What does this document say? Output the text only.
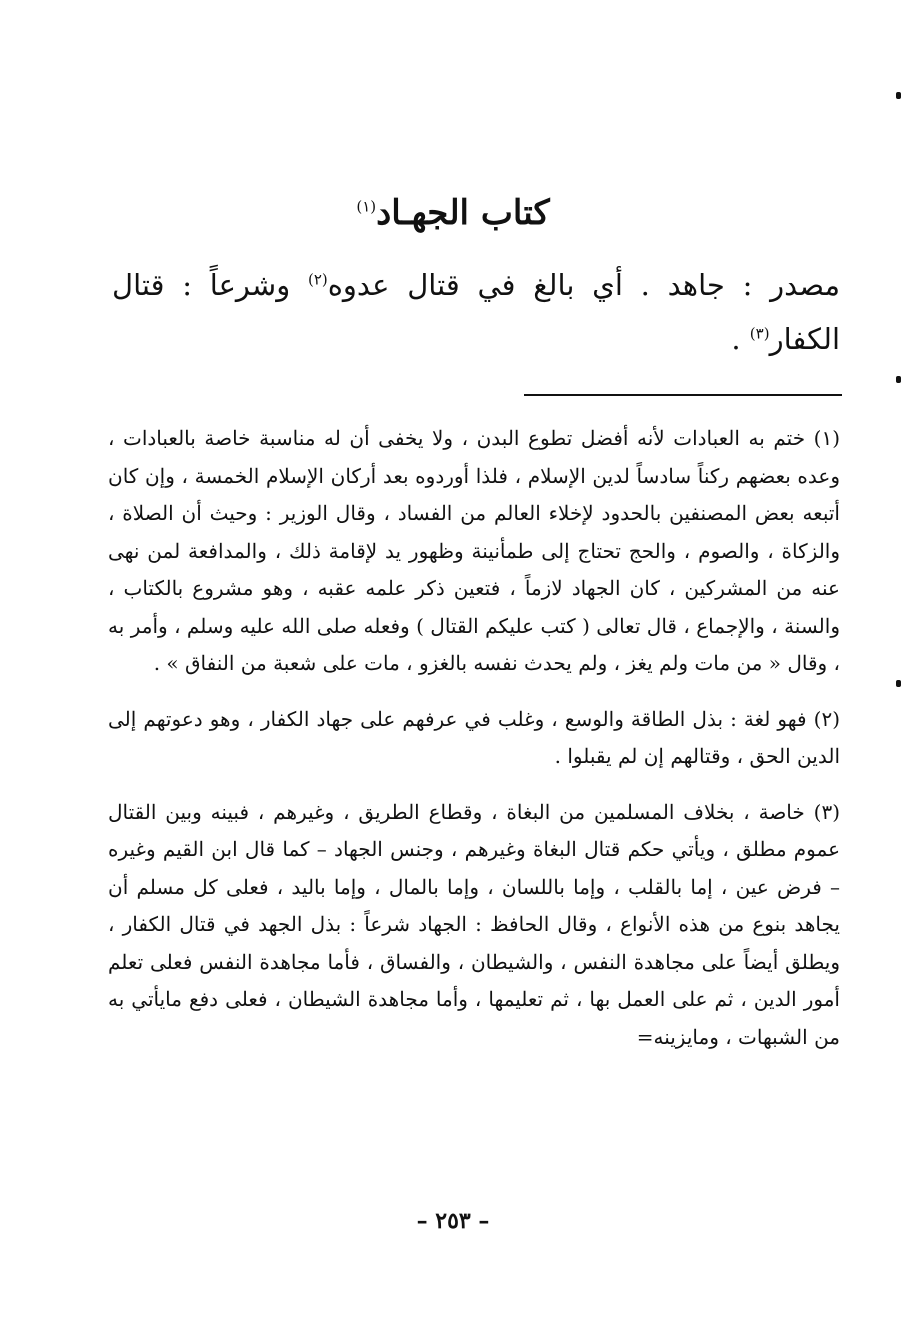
كتاب الجهـاد$^{(١)}$
مصدر : جاهد . أي بالغ في قتال عدوه$^{(٢)}$ وشرعاً : قتال الكفار$^{(٣)}$ .

(١) ختم به العبادات لأنه أفضل تطوع البدن ، ولا يخفى أن له مناسبة خاصة بالعبادات ، وعده بعضهم ركناً سادساً لدين الإسلام ، فلذا أوردوه بعد أركان الإسلام الخمسة ، وإن كان أتبعه بعض المصنفين بالحدود لإخلاء العالم من الفساد ، وقال الوزير : وحيث أن الصلاة ، والزكاة ، والصوم ، والحج تحتاج إلى طمأنينة وظهور يد لإقامة ذلك ، والمدافعة لمن نهى عنه من المشركين ، كان الجهاد لازماً ، فتعين ذكر علمه عقبه ، وهو مشروع بالكتاب ، والسنة ، والإجماع ، قال تعالى ( كتب عليكم القتال ) وفعله صلى الله عليه وسلم ، وأمر به ، وقال « من مات ولم يغز ، ولم يحدث نفسه بالغزو ، مات على شعبة من النفاق » .

(٢) فهو لغة : بذل الطاقة والوسع ، وغلب في عرفهم على جهاد الكفار ، وهو دعوتهم إلى الدين الحق ، وقتالهم إن لم يقبلوا .

(٣) خاصة ، بخلاف المسلمين من البغاة ، وقطاع الطريق ، وغيرهم ، فبينه وبين القتال عموم مطلق ، ويأتي حكم قتال البغاة وغيرهم ، وجنس الجهاد – كما قال ابن القيم وغيره – فرض عين ، إما بالقلب ، وإما باللسان ، وإما بالمال ، وإما باليد ، فعلى كل مسلم أن يجاهد بنوع من هذه الأنواع ، وقال الحافظ : الجهاد شرعاً : بذل الجهد في قتال الكفار ، ويطلق أيضاً على مجاهدة النفس ، والشيطان ، والفساق ، فأما مجاهدة النفس فعلى تعلم أمور الدين ، ثم على العمل بها ، ثم تعليمها ، وأما مجاهدة الشيطان ، فعلى دفع مايأتي به من الشبهات ، ومايزينه=

– ٢٥٣ –
